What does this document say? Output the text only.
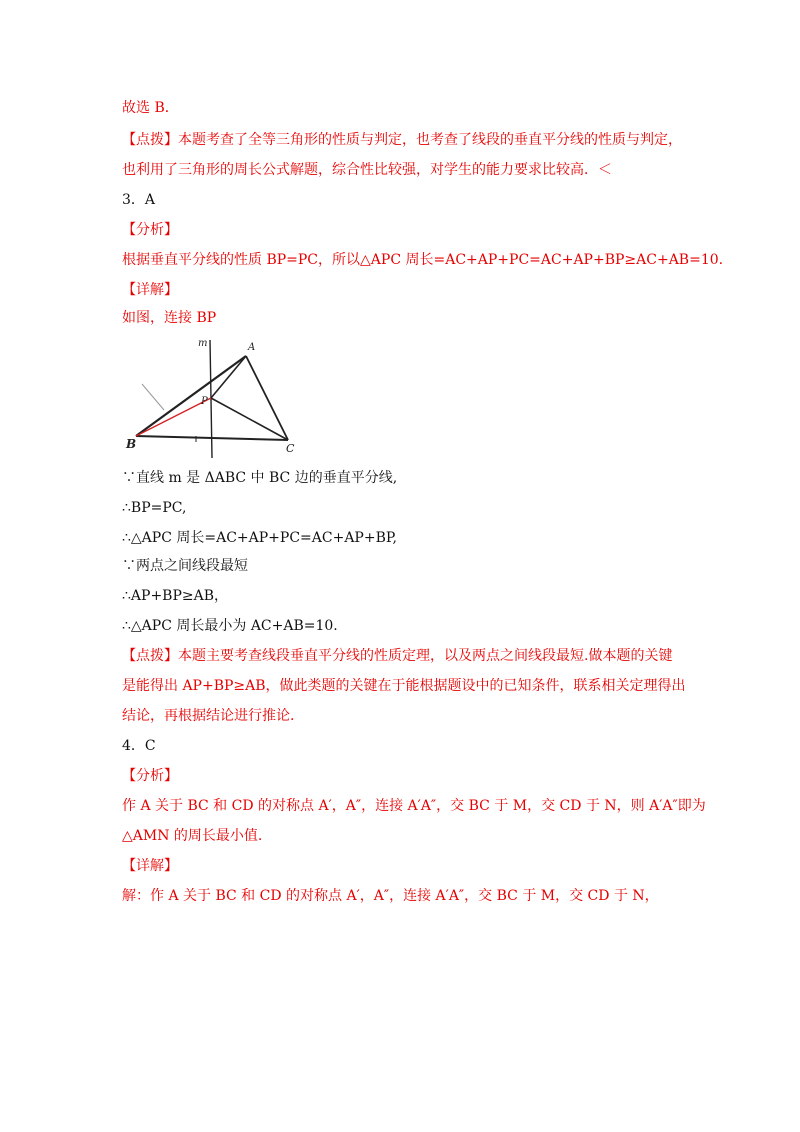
故选 B．
【点拨】本题考查了全等三角形的性质与判定，也考查了线段的垂直平分线的性质与判定，
也利用了三角形的周长公式解题，综合性比较强，对学生的能力要求比较高．＜
3．A
【分析】
根据垂直平分线的性质 BP=PC，所以△APC 周长=AC+AP+PC=AC+AP+BP≥AC+AB=10.
【详解】
如图，连接 BP
m	A
P
B	C
∵直线 m 是 ΔABC 中 BC 边的垂直平分线,
∴BP=PC,
∴△APC 周长=AC+AP+PC=AC+AP+BP,
∵两点之间线段最短
∴AP+BP≥AB，
∴△APC 周长最小为 AC+AB=10.
【点拨】本题主要考查线段垂直平分线的性质定理，以及两点之间线段最短.做本题的关键
是能得出 AP+BP≥AB，做此类题的关键在于能根据题设中的已知条件，联系相关定理得出
结论，再根据结论进行推论.
4．C
【分析】
作 A 关于 BC 和 CD 的对称点 A′，A″，连接 A′A″，交 BC 于 M，交 CD 于 N，则 A′A″即为
△AMN 的周长最小值.
【详解】
解：作 A 关于 BC 和 CD 的对称点 A′，A″，连接 A′A″，交 BC 于 M，交 CD 于 N，
